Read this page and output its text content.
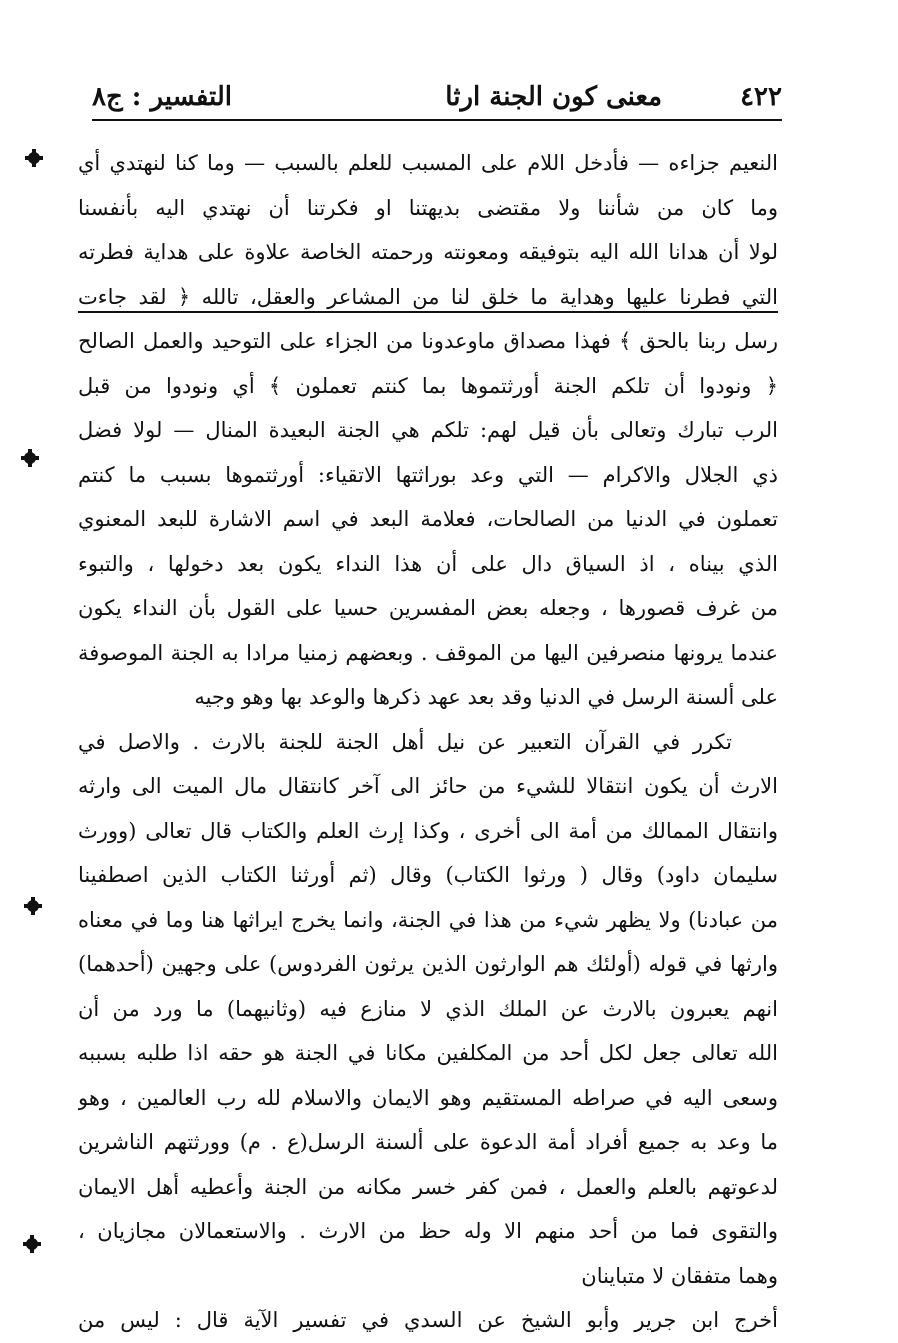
٤٢٢
معنى كون الجنة ارثا
التفسير : ج٨
النعيم جزاءه — فأدخل اللام على المسبب للعلم بالسبب — وما كنا لنهتدي أي
وما كان من شأننا ولا مقتضى بديهتنا او فكرتنا أن نهتدي اليه بأنفسنا
لولا أن هدانا الله اليه بتوفيقه ومعونته ورحمته الخاصة علاوة على هداية فطرته
التي فطرنا عليها وهداية ما خلق لنا من المشاعر والعقل، تالله ﴿ لقد جاءت
رسل ربنا بالحق ﴾ فهذا مصداق ماوعدونا من الجزاء على التوحيد والعمل الصالح
﴿ ونودوا أن تلكم الجنة أورثتموها بما كنتم تعملون ﴾ أي ونودوا من قبل
الرب تبارك وتعالى بأن قيل لهم: تلكم هي الجنة البعيدة المنال — لولا فضل
ذي الجلال والاكرام — التي وعد بوراثتها الاتقياء: أورثتموها بسبب ما كنتم
تعملون في الدنيا من الصالحات، فعلامة البعد في اسم الاشارة للبعد المعنوي
الذي بيناه ، اذ السياق دال على أن هذا النداء يكون بعد دخولها ، والتبوء
من غرف قصورها ، وجعله بعض المفسرين حسيا على القول بأن النداء يكون
عندما يرونها منصرفين اليها من الموقف . وبعضهم زمنيا مرادا به الجنة الموصوفة
على ألسنة الرسل في الدنيا وقد بعد عهد ذكرها والوعد بها وهو وجيه
تكرر في القرآن التعبير عن نيل أهل الجنة للجنة بالارث . والاصل في
الارث أن يكون انتقالا للشيء من حائز الى آخر كانتقال مال الميت الى وارثه
وانتقال الممالك من أمة الى أخرى ، وكذا إرث العلم والكتاب قال تعالى (وورث
سليمان داود) وقال ( ورثوا الكتاب) وقال (ثم أورثنا الكتاب الذين اصطفينا
من عبادنا) ولا يظهر شيء من هذا في الجنة، وانما يخرج ايراثها هنا وما في معناه
وارثها في قوله (أولئك هم الوارثون الذين يرثون الفردوس) على وجهين (أحدهما)
انهم يعبرون بالارث عن الملك الذي لا منازع فيه (وثانيهما) ما ورد من أن
الله تعالى جعل لكل أحد من المكلفين مكانا في الجنة هو حقه اذا طلبه بسببه
وسعى اليه في صراطه المستقيم وهو الايمان والاسلام لله رب العالمين ، وهو
ما وعد به جميع أفراد أمة الدعوة على ألسنة الرسل(ع . م) وورثتهم الناشرين
لدعوتهم بالعلم والعمل ، فمن كفر خسر مكانه من الجنة وأعطيه أهل الايمان
والتقوى فما من أحد منهم الا وله حظ من الارث . والاستعمالان مجازيان ،
وهما متفقان لا متباينان
أخرج ابن جرير وأبو الشيخ عن السدي في تفسير الآية قال : ليس من
